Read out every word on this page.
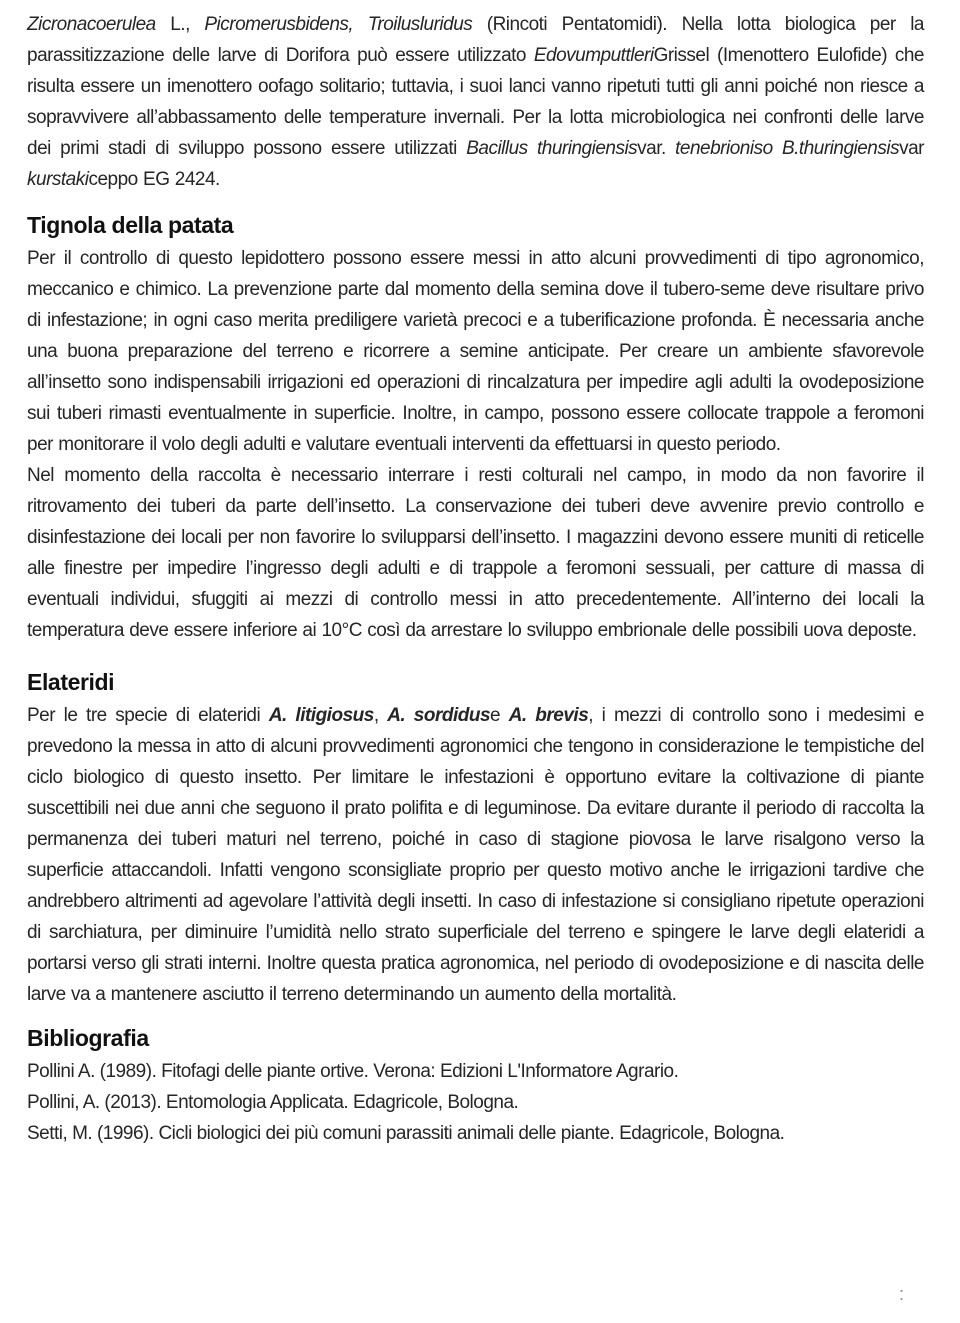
Zicronacoerulea L., Picromerusbidens, Troilusluridus (Rincoti Pentatomidi). Nella lotta biologica per la parassitizzazione delle larve di Dorifora può essere utilizzato EdovumputtleriGrissel (Imenottero Eulofide) che risulta essere un imenottero oofago solitario; tuttavia, i suoi lanci vanno ripetuti tutti gli anni poiché non riesce a sopravvivere all’abbassamento delle temperature invernali. Per la lotta microbiologica nei confronti delle larve dei primi stadi di sviluppo possono essere utilizzati Bacillus thuringiensisvar. tenebrioniso B.thuringiensisvar kurstakiceppo EG 2424.

Tignola della patata

Per il controllo di questo lepidottero possono essere messi in atto alcuni provvedimenti di tipo agronomico, meccanico e chimico. La prevenzione parte dal momento della semina dove il tubero-seme deve risultare privo di infestazione; in ogni caso merita prediligere varietà precoci e a tuberificazione profonda. È necessaria anche una buona preparazione del terreno e ricorrere a semine anticipate. Per creare un ambiente sfavorevole all’insetto sono indispensabili irrigazioni ed operazioni di rincalzatura per impedire agli adulti la ovodeposizione sui tuberi rimasti eventualmente in superficie. Inoltre, in campo, possono essere collocate trappole a feromoni per monitorare il volo degli adulti e valutare eventuali interventi da effettuarsi in questo periodo.

Nel momento della raccolta è necessario interrare i resti colturali nel campo, in modo da non favorire il ritrovamento dei tuberi da parte dell’insetto. La conservazione dei tuberi deve avvenire previo controllo e disinfestazione dei locali per non favorire lo svilupparsi dell’insetto. I magazzini devono essere muniti di reticelle alle finestre per impedire l’ingresso degli adulti e di trappole a feromoni sessuali, per catture di massa di eventuali individui, sfuggiti ai mezzi di controllo messi in atto precedentemente. All’interno dei locali la temperatura deve essere inferiore ai 10°C così da arrestare lo sviluppo embrionale delle possibili uova deposte.

Elateridi

Per le tre specie di elateridi A. litigiosus, A. sordiduse A. brevis, i mezzi di controllo sono i medesimi e prevedono la messa in atto di alcuni provvedimenti agronomici che tengono in considerazione le tempistiche del ciclo biologico di questo insetto. Per limitare le infestazioni è opportuno evitare la coltivazione di piante suscettibili nei due anni che seguono il prato polifita e di leguminose. Da evitare durante il periodo di raccolta la permanenza dei tuberi maturi nel terreno, poiché in caso di stagione piovosa le larve risalgono verso la superficie attaccandoli. Infatti vengono sconsigliate proprio per questo motivo anche le irrigazioni tardive che andrebbero altrimenti ad agevolare l’attività degli insetti. In caso di infestazione si consigliano ripetute operazioni di sarchiatura, per diminuire l’umidità nello strato superficiale del terreno e spingere le larve degli elateridi a portarsi verso gli strati interni. Inoltre questa pratica agronomica, nel periodo di ovodeposizione e di nascita delle larve va a mantenere asciutto il terreno determinando un aumento della mortalità.

Bibliografia

Pollini A. (1989). Fitofagi delle piante ortive. Verona: Edizioni L'Informatore Agrario.

Pollini, A. (2013). Entomologia Applicata. Edagricole, Bologna.

Setti, M. (1996). Cicli biologici dei più comuni parassiti animali delle piante. Edagricole, Bologna.

:
